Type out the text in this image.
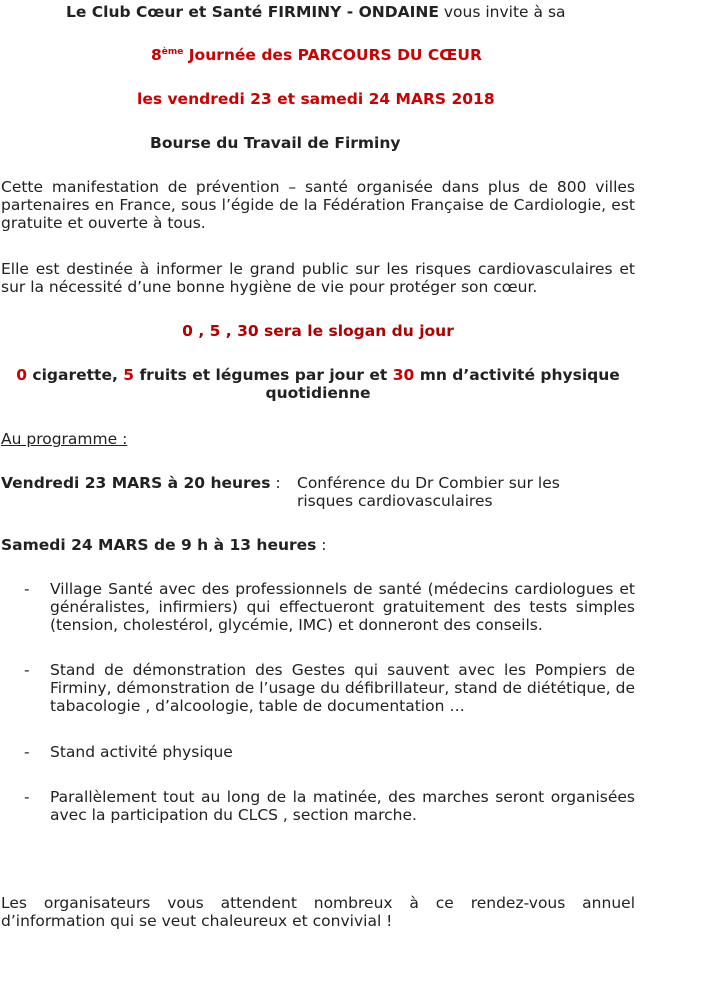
Le Club Cœur et Santé FIRMINY - ONDAINE vous invite à sa
8ème Journée des PARCOURS DU CŒUR
les vendredi 23 et samedi 24 MARS 2018
Bourse du Travail de Firminy
Cette manifestation de prévention – santé organisée dans plus de 800 villes partenaires en France, sous l’égide de la Fédération Française de Cardiologie, est gratuite et ouverte à tous.
Elle est destinée à informer le grand public sur les risques cardiovasculaires et sur la nécessité d’une bonne hygiène de vie pour protéger son cœur.
0 , 5 , 30 sera le slogan du jour
0 cigarette, 5 fruits et légumes par jour et 30 mn d’activité physique quotidienne
Au programme :
Vendredi 23 MARS à 20 heures : Conférence du Dr Combier sur les
risques cardiovasculaires
Samedi 24 MARS de 9 h à 13 heures :
- Village Santé avec des professionnels de santé (médecins cardiologues et généralistes, infirmiers) qui effectueront gratuitement des tests simples (tension, cholestérol, glycémie, IMC) et donneront des conseils.
- Stand de démonstration des Gestes qui sauvent avec les Pompiers de Firminy, démonstration de l’usage du défibrillateur, stand de diététique, de tabacologie , d’alcoologie, table de documentation …
- Stand activité physique
- Parallèlement tout au long de la matinée, des marches seront organisées avec la participation du CLCS , section marche.
Les organisateurs vous attendent nombreux à ce rendez-vous annuel d’information qui se veut chaleureux et convivial !
